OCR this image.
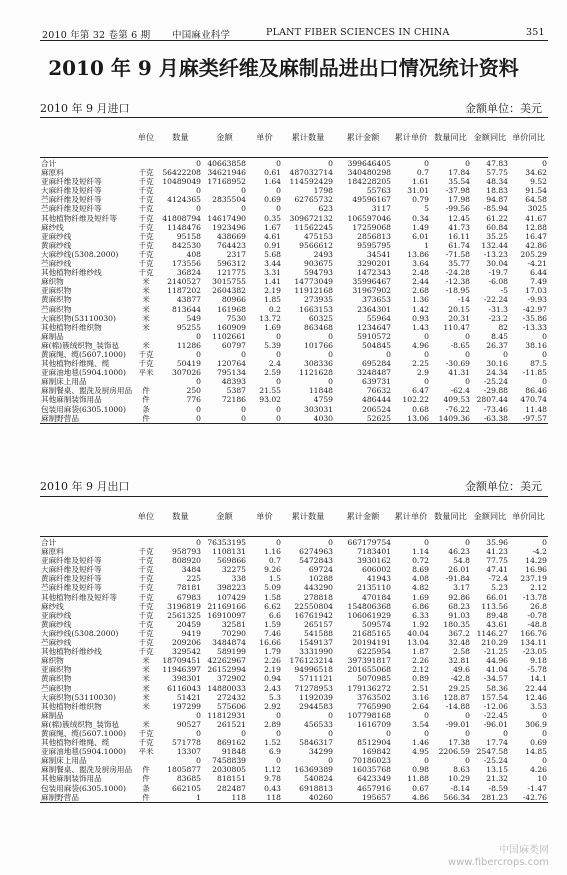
2010 年第 32 卷第 6 期 中国麻业科学	PLANT FIBER SCIENCES IN CHINA	351
2010 年 9 月麻类纤维及麻制品进出口情况统计资料
2010 年 9 月进口	金额单位：美元
	单位	数量	金额	单价	累计数量	累计金额	累计单价	数量同比	金额同比	单价同比
合计		0	40663858	0	0	399646405	0	0	47.83	0
麻原料	千克	56422208	34621946	0.61	487032714	340480298	0.7	17.84	57.75	34.62
亚麻纤维及短纤等	千克	10489049	17168952	1.64	114592429	184228205	1.61	35.54	48.34	9.52
大麻纤维及短纤等	千克	0	0	0	1798	55763	31.01	-37.98	18.83	91.54
苎麻纤维及短纤等	千克	4124365	2835504	0.69	62765732	49596167	0.79	17.98	94.87	64.58
苎麻纤维及短纤等	千克	0	0	0	623	3117	5	-99.56	-85.94	3025
其他植物纤维及短纤等	千克	41808794	14617490	0.35	309672132	106597046	0.34	12.45	61.22	41.67
麻纱线	千克	1148476	1923496	1.67	11562245	17259068	1.49	41.73	60.84	12.88
亚麻纱线	千克	95158	438669	4.61	475153	2856813	6.01	16.11	35.25	16.47
黄麻纱线	千克	842530	764423	0.91	9566612	9595795	1	61.74	132.44	42.86
大麻纱线(5308.2000)	千克	408	2317	5.68	2493	34541	13.86	-71.58	-13.23	205.29
苎麻纱线	千克	173556	596312	3.44	903675	3290201	3.64	35.77	30.04	-4.21
其他植物纤维纱线	千克	36824	121775	3.31	594793	1472343	2.48	-24.28	-19.7	6.44
麻织物	米	2140527	3015755	1.41	14773049	35996467	2.44	-12.38	-6.08	7.49
亚麻织物	米	1187202	2604382	2.19	11912168	31967902	2.68	-18.95	-5	17.03
黄麻织物	米	43877	80966	1.85	273935	373653	1.36	-14	-22.24	-9.93
苎麻织物	米	813644	161968	0.2	1663153	2364301	1.42	20.15	-31.3	-42.97
大麻织物(53110030)	米	549	7530	13.72	60325	55964	0.93	20.31	-23.2	-35.86
其他植物纤维织物	米	95255	160909	1.69	863468	1234647	1.43	110.47	82	-13.33
麻制品		0	1102661	0	0	5910572	0	0	8.45	0
麻(棉)簇绒织物_装饰毡	米	11286	60797	5.39	101766	504845	4.96	-8.65	26.37	38.16
黄麻绳、缆(5607.1000)	千克	0	0	0	0	0	0	0	0	0
其他植物纤维绳、缆	千克	50419	120764	2.4	308336	695284	2.25	-30.69	30.16	87.5
亚麻油地毯(5904.1000)	平米	307026	795134	2.59	1121628	3248487	2.9	41.31	24.34	-11.85
麻制床上用品		0	48393	0	0	639731	0	0	-25.24	0
麻制餐桌、盥洗及厨房用品	件	250	5387	21.55	11848	76632	6.47	-62.4	-29.88	86.46
其他麻制装饰用品	件	776	72186	93.02	4759	486444	102.22	409.53	2807.44	470.74
包装用麻袋(6305.1000)	条	0	0	0	303031	206524	0.68	-76.22	-73.46	11.48
麻制野营品	件	0	0	0	4030	52625	13.06	1409.36	-63.38	-97.57
2010 年 9 月出口	金额单位：美元
	单位	数量	金额	单价	累计数量	累计金额	累计单价	数量同比	金额同比	单价同比
合计		0	76353195	0	0	667179754	0	0	35.96	0
麻原料	千克	958793	1108131	1.16	6274963	7183401	1.14	46.23	41.23	-4.2
亚麻纤维及短纤等	千克	808920	569866	0.7	5472843	3930162	0.72	54.8	77.75	14.29
大麻纤维及短纤等	千克	3484	32275	9.26	69724	606002	8.69	26.01	47.41	16.96
黄麻纤维及短纤等	千克	225	338	1.5	10288	41943	4.08	-91.84	-72.4	237.19
苎麻纤维及短纤等	千克	78181	398223	5.09	443290	2135110	4.82	3.17	5.23	2.12
其他植物纤维及短纤等	千克	67983	107429	1.58	278818	470184	1.69	92.86	66.01	-13.78
麻纱线	千克	3196819	21169166	6.62	22550804	154806368	6.86	68.23	113.56	26.8
亚麻纱线	千克	2561325	16910097	6.6	16761942	106061929	6.33	91.03	89.48	-0.78
黄麻纱线	千克	20459	32581	1.59	265157	509574	1.92	180.35	43.61	-48.8
大麻纱线(5308.2000)	千克	9419	70290	7.46	541588	21685165	40.04	367.2	1146.27	166.76
苎麻纱线	千克	209206	3484874	16.66	1549137	20194191	13.04	32.48	210.29	134.11
其他植物纤维纱线	千克	329542	589199	1.79	3331990	6225954	1.87	2.58	-21.25	-23.05
麻织物	米	18709451	42262967	2.26	176123214	397391817	2.26	32.81	44.96	9.18
亚麻织物	米	11946397	26152994	2.19	94996518	201655068	2.12	49.6	41.04	-5.78
黄麻织物	米	398301	372902	0.94	5711121	5070985	0.89	-42.8	-34.57	14.1
苎麻织物	米	6116043	14880033	2.43	71278953	179136272	2.51	29.25	58.36	22.44
大麻织物(53110030)	米	51421	272432	5.3	1192039	3763502	3.16	128.87	157.54	12.46
其他植物纤维织物	米	197299	575606	2.92	2944583	7765990	2.64	-14.88	-12.06	3.53
麻制品		0	11812931	0	0	107798168	0	0	-22.45	0
麻(棉)簇绒织物_装饰毡	米	90527	261521	2.89	456533	1616709	3.54	-99.01	-96.01	306.9
黄麻绳、缆(5607.1000)	千克	0	0	0	0	0	0	0	0	0
其他植物纤维绳、缆	千克	571778	869162	1.52	5846317	8512904	1.46	17.38	17.74	0.69
亚麻油地毯(5904.1000)	平米	13307	91848	6.9	34299	169842	4.95	2206.59	2547.58	14.85
麻制床上用品		0	7458839	0	0	70186023	0	0	-25.24	0
麻制餐桌、盥洗及厨房用品	件	1805877	2030805	1.12	16369389	16035768	0.98	8.63	13.15	4.26
其他麻制装饰用品	件	83685	818151	9.78	540824	6423349	11.88	10.29	21.32	10
包装用麻袋(6305.1000)	条	662105	282487	0.43	6918813	4657916	0.67	-8.14	-8.59	-1.47
麻制野营品	件	1	118	118	40260	195657	4.86	566.34	281.23	-42.76
中国麻类网
www.fibercrops.com
